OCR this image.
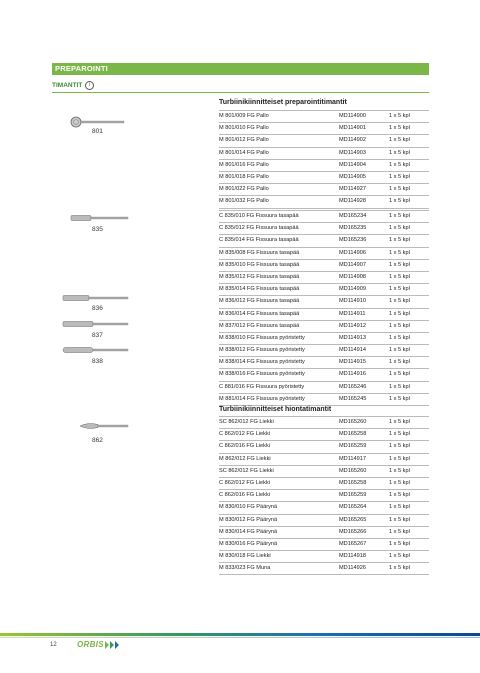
PREPAROINTI
TIMANTIT	i
Turbiinikiinnitteiset preparointitimantit
M 801/009 FG Pallo	MD114900	1 x 5 kpl
M 801/010 FG Pallo	MD114901	1 x 5 kpl
M 801/012 FG Pallo	MD114902	1 x 5 kpl
M 801/014 FG Pallo	MD114903	1 x 5 kpl
M 801/016 FG Pallo	MD114904	1 x 5 kpl
M 801/018 FG Pallo	MD114905	1 x 5 kpl
M 801/022 FG Pallo	MD114927	1 x 5 kpl
M 801/032 FG Pallo	MD114928	1 x 5 kpl
C 835/010 FG Fissuura tasapää	MD165234	1 x 5 kpl
C 835/012 FG Fissuura tasapää	MD165235	1 x 5 kpl
C 835/014 FG Fissuura tasapää	MD165236	1 x 5 kpl
M 835/008 FG Fissuura tasapää	MD114906	1 x 5 kpl
M 835/010 FG Fissuura tasapää	MD114907	1 x 5 kpl
M 835/012 FG Fissuura tasapää	MD114908	1 x 5 kpl
M 835/014 FG Fissuura tasapää	MD114909	1 x 5 kpl
M 836/012 FG Fissuura tasapää	MD114910	1 x 5 kpl
M 836/014 FG Fissuura tasapää	MD114911	1 x 5 kpl
M 837/012 FG Fissuura tasapää	MD114912	1 x 5 kpl
M 838/010 FG Fissuura pyöristetty	MD114913	1 x 5 kpl
M 838/012 FG Fissuura pyöristetty	MD114914	1 x 5 kpl
M 838/014 FG Fissuura pyöristetty	MD114915	1 x 5 kpl
M 838/016 FG Fissuura pyöristetty	MD114916	1 x 5 kpl
C 881/016 FG Fissuura pyöristetty	MD165246	1 x 5 kpl
M 881/014 FG Fissuura pyöristetty	MD165245	1 x 5 kpl
Turbiinikiinnitteiset hiontatimantit
SC 862/012 FG Liekki	MD165260	1 x 5 kpl
C 862/012 FG Liekki	MD165258	1 x 5 kpl
C 862/016 FG Liekki	MD165259	1 x 5 kpl
M 862/012 FG Liekki	MD114917	1 x 5 kpl
SC 862/012 FG Liekki	MD165260	1 x 5 kpl
C 862/012 FG Liekki	MD165258	1 x 5 kpl
C 862/016 FG Liekki	MD165259	1 x 5 kpl
M 830/010 FG Päärynä	MD165264	1 x 5 kpl
M 830/012 FG Päärynä	MD165265	1 x 5 kpl
M 830/014 FG Päärynä	MD165266	1 x 5 kpl
M 830/016 FG Päärynä	MD165267	1 x 5 kpl
M 830/018 FG Liekki	MD114918	1 x 5 kpl
M 833/023 FG Muna	MD114926	1 x 5 kpl
801
835
836
837
838
862
12	ORBIS
